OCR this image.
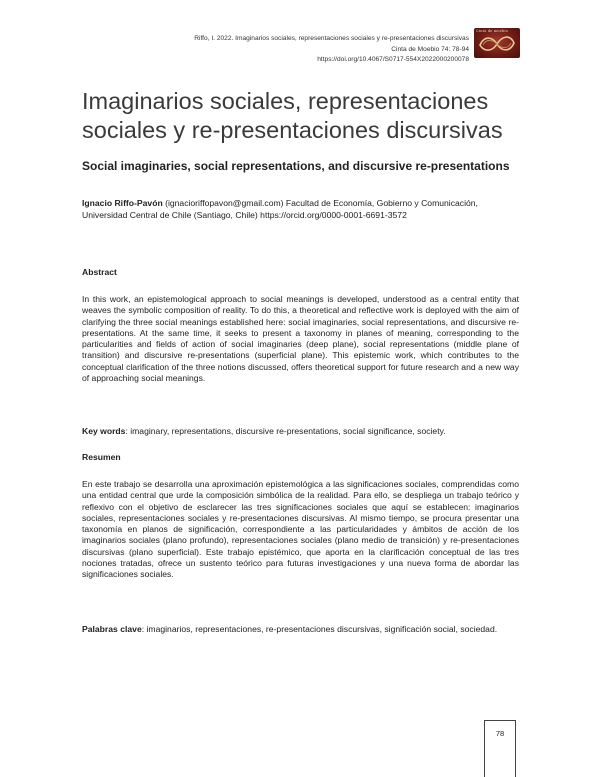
Riffo, I. 2022. Imaginarios sociales, representaciones sociales y re-presentaciones discursivas
Cinta de Moebio 74: 78-94
https://doi.org/10.4067/S0717-554X2022000200078
Cinta de moebio
Imaginarios sociales, representaciones sociales y re-presentaciones discursivas
Social imaginaries, social representations, and discursive re-presentations
Ignacio Riffo-Pavón (ignacioriffopavon@gmail.com) Facultad de Economía, Gobierno y Comunicación, Universidad Central de Chile (Santiago, Chile) https://orcid.org/0000-0001-6691-3572
Abstract

In this work, an epistemological approach to social meanings is developed, understood as a central entity that weaves the symbolic composition of reality. To do this, a theoretical and reflective work is deployed with the aim of clarifying the three social meanings established here: social imaginaries, social representations, and discursive re-presentations. At the same time, it seeks to present a taxonomy in planes of meaning, corresponding to the particularities and fields of action of social imaginaries (deep plane), social representations (middle plane of transition) and discursive re-presentations (superficial plane). This epistemic work, which contributes to the conceptual clarification of the three notions discussed, offers theoretical support for future research and a new way of approaching social meanings.

Key words: imaginary, representations, discursive re-presentations, social significance, society.
Resumen

En este trabajo se desarrolla una aproximación epistemológica a las significaciones sociales, comprendidas como una entidad central que urde la composición simbólica de la realidad. Para ello, se despliega un trabajo teórico y reflexivo con el objetivo de esclarecer las tres significaciones sociales que aquí se establecen: imaginarios sociales, representaciones sociales y re-presentaciones discursivas. Al mismo tiempo, se procura presentar una taxonomía en planos de significación, correspondiente a las particularidades y ámbitos de acción de los imaginarios sociales (plano profundo), representaciones sociales (plano medio de transición) y re-presentaciones discursivas (plano superficial). Este trabajo epistémico, que aporta en la clarificación conceptual de las tres nociones tratadas, ofrece un sustento teórico para futuras investigaciones y una nueva forma de abordar las significaciones sociales.

Palabras clave: imaginarios, representaciones, re-presentaciones discursivas, significación social, sociedad.
78
